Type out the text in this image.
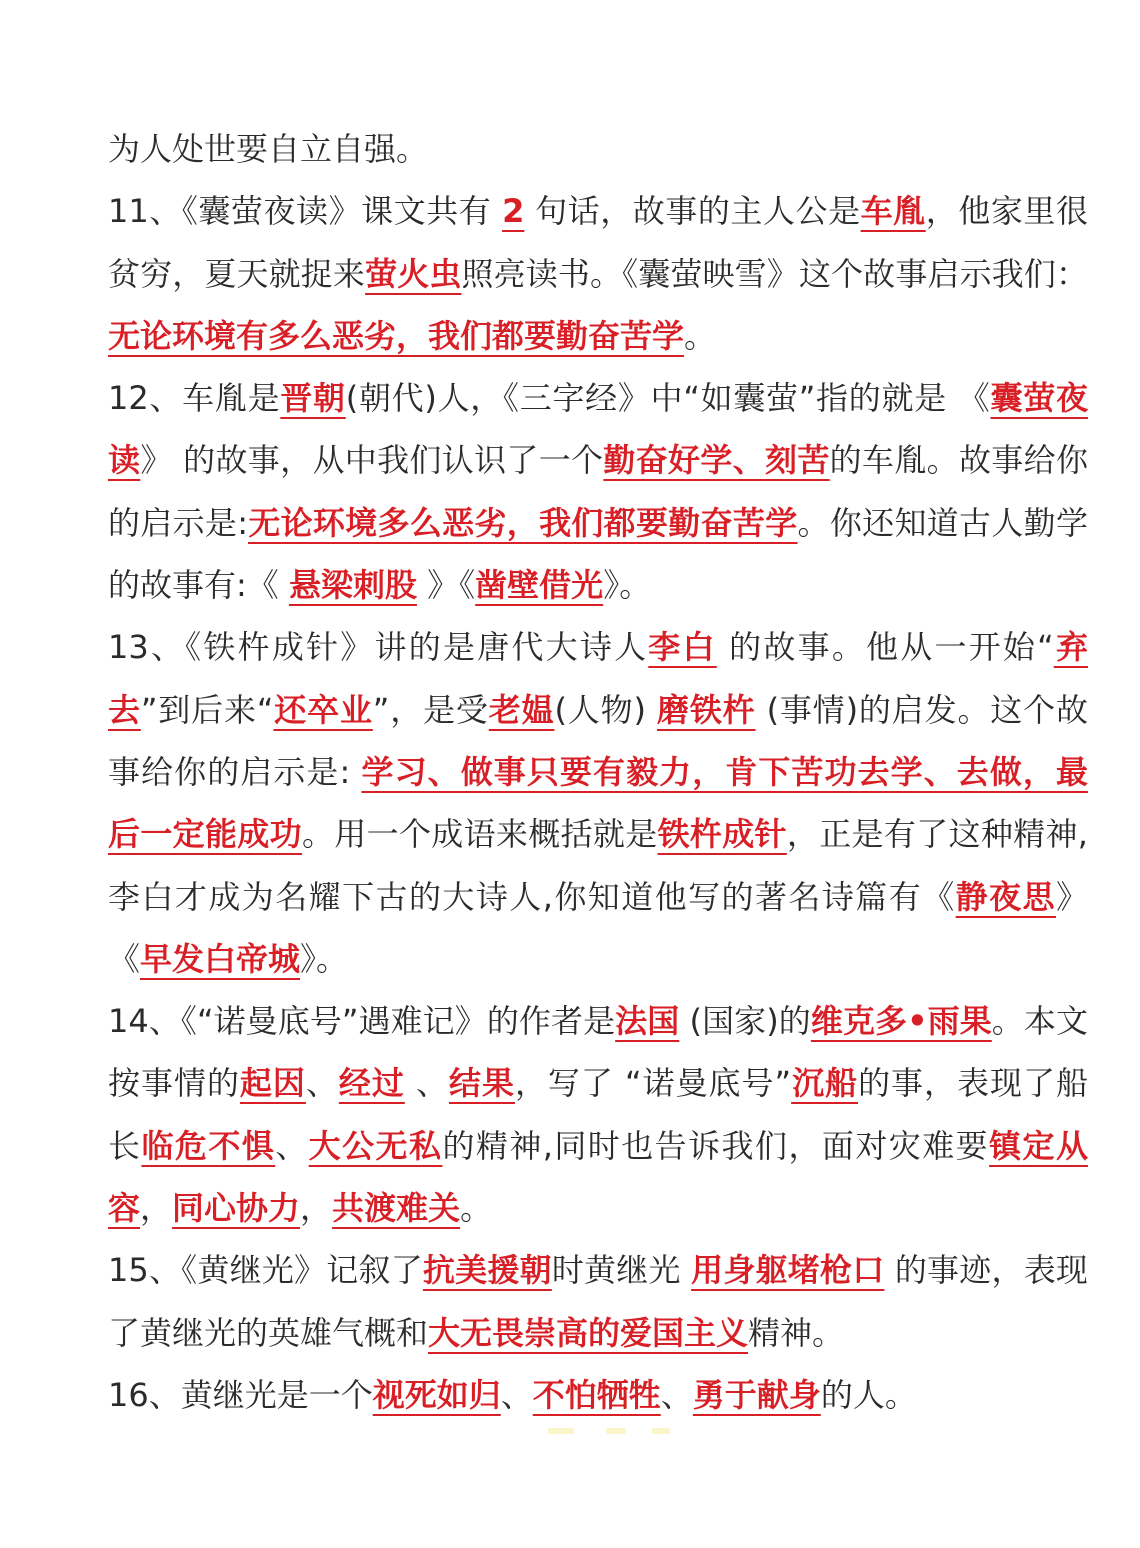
为人处世要自立自强。

11、《囊萤夜读》课文共有 2 句话，故事的主人公是车胤，他家里很贫穷，夏天就捉来萤火虫照亮读书。《囊萤映雪》这个故事启示我们：无论环境有多么恶劣，我们都要勤奋苦学。

12、车胤是晋朝(朝代)人，《三字经》中“如囊萤”指的就是 《囊萤夜读》 的故事，从中我们认识了一个勤奋好学、刻苦的车胤。故事给你的启示是:无论环境多么恶劣，我们都要勤奋苦学。你还知道古人勤学的故事有:《 悬梁刺股 》《凿壁借光》。

13、《铁杵成针》讲的是唐代大诗人李白 的故事。他从一开始“弃去”到后来“还卒业”，是受老媪(人物) 磨铁杵 (事情)的启发。这个故事给你的启示是: 学习、做事只要有毅力，肯下苦功去学、去做，最后一定能成功。用一个成语来概括就是铁杵成针，正是有了这种精神,李白才成为名耀下古的大诗人,你知道他写的著名诗篇有《静夜思》《早发白帝城》。

14、《“诺曼底号”遇难记》的作者是法国 (国家)的维克多•雨果。本文按事情的起因、经过 、结果，写了 “诺曼底号”沉船的事，表现了船长临危不惧、大公无私的精神,同时也告诉我们，面对灾难要镇定从容，同心协力，共渡难关。

15、《黄继光》记叙了抗美援朝时黄继光 用身躯堵枪口 的事迹，表现了黄继光的英雄气概和大无畏崇高的爱国主义精神。

16、黄继光是一个视死如归、不怕牺牲、勇于献身的人。
